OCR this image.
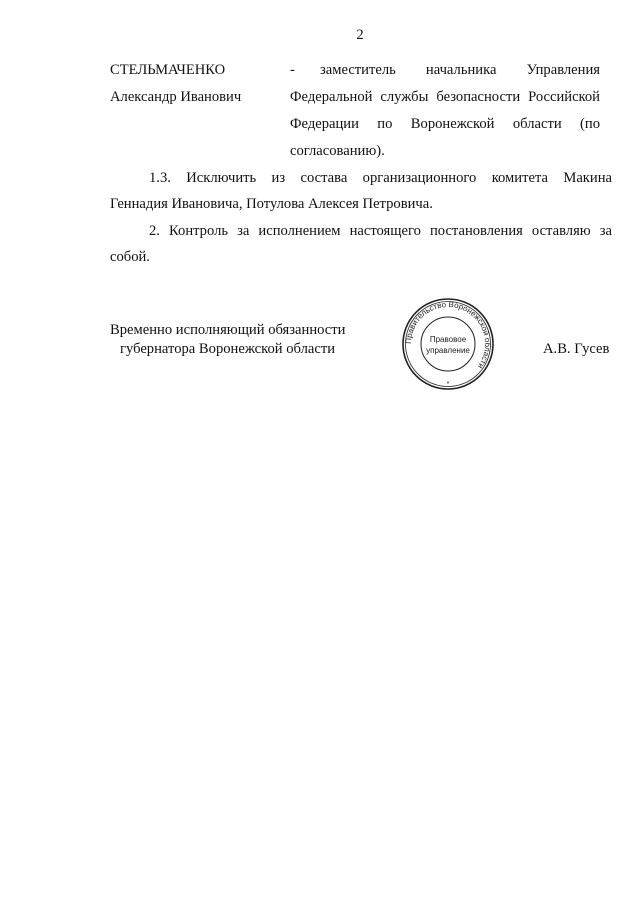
2
СТЕЛЬМАЧЕНКО
Александр Иванович
- заместитель начальника Управления
Федеральной службы безопасности Российской
Федерации по Воронежской области (по
согласованию).
1.3. Исключить из состава организационного комитета Макина
Геннадия Ивановича, Потулова Алексея Петровича.
2. Контроль за исполнением настоящего постановления оставляю за
собой.
Временно исполняющий обязанности
губернатора Воронежской области	А.В. Гусев
Правительство Воронежской области
Правовое
управление
*
